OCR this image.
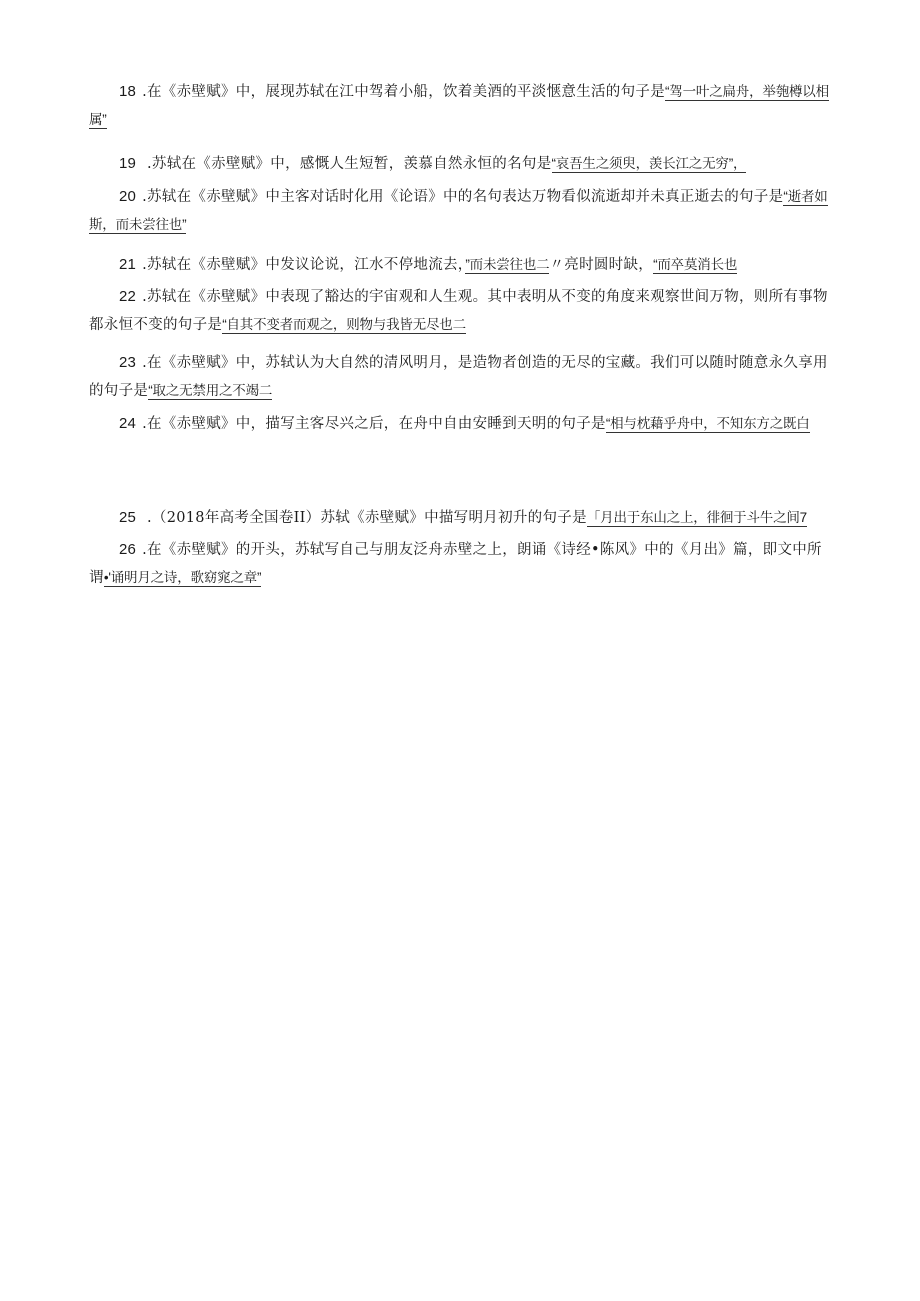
18 .在《赤壁赋》中，展现苏轼在江中驾着小船，饮着美酒的平淡惬意生活的句子是“驾一叶之扁舟，举匏樽以相属”

19 .苏轼在《赤壁赋》中，感慨人生短暂，羡慕自然永恒的名句是“哀吾生之须臾，羡长江之无穷”，

20 .苏轼在《赤壁赋》中主客对话时化用《论语》中的名句表达万物看似流逝却并未真正逝去的句子是“逝者如斯，而未尝往也”

21 .苏轼在《赤壁赋》中发议论说，江水不停地流去，”而未尝往也二〃亮时圆时缺，“而卒莫消长也

22 .苏轼在《赤壁赋》中表现了豁达的宇宙观和人生观。其中表明从不变的角度来观察世间万物，则所有事物都永恒不变的句子是“自其不变者而观之，则物与我皆无尽也二

23 .在《赤壁赋》中，苏轼认为大自然的清风明月，是造物者创造的无尽的宝藏。我们可以随时随意永久享用的句子是“取之无禁用之不竭二

24 .在《赤壁赋》中，描写主客尽兴之后，在舟中自由安睡到天明的句子是“相与枕藉乎舟中，不知东方之既白

25 .（2018年高考全国卷II）苏轼《赤壁赋》中描写明月初升的句子是「月出于东山之上，徘徊于斗牛之间7

26 .在《赤壁赋》的开头，苏轼写自己与朋友泛舟赤壁之上，朗诵《诗经•陈风》中的《月出》篇，即文中所谓•'诵明月之诗，歌窈窕之章”
